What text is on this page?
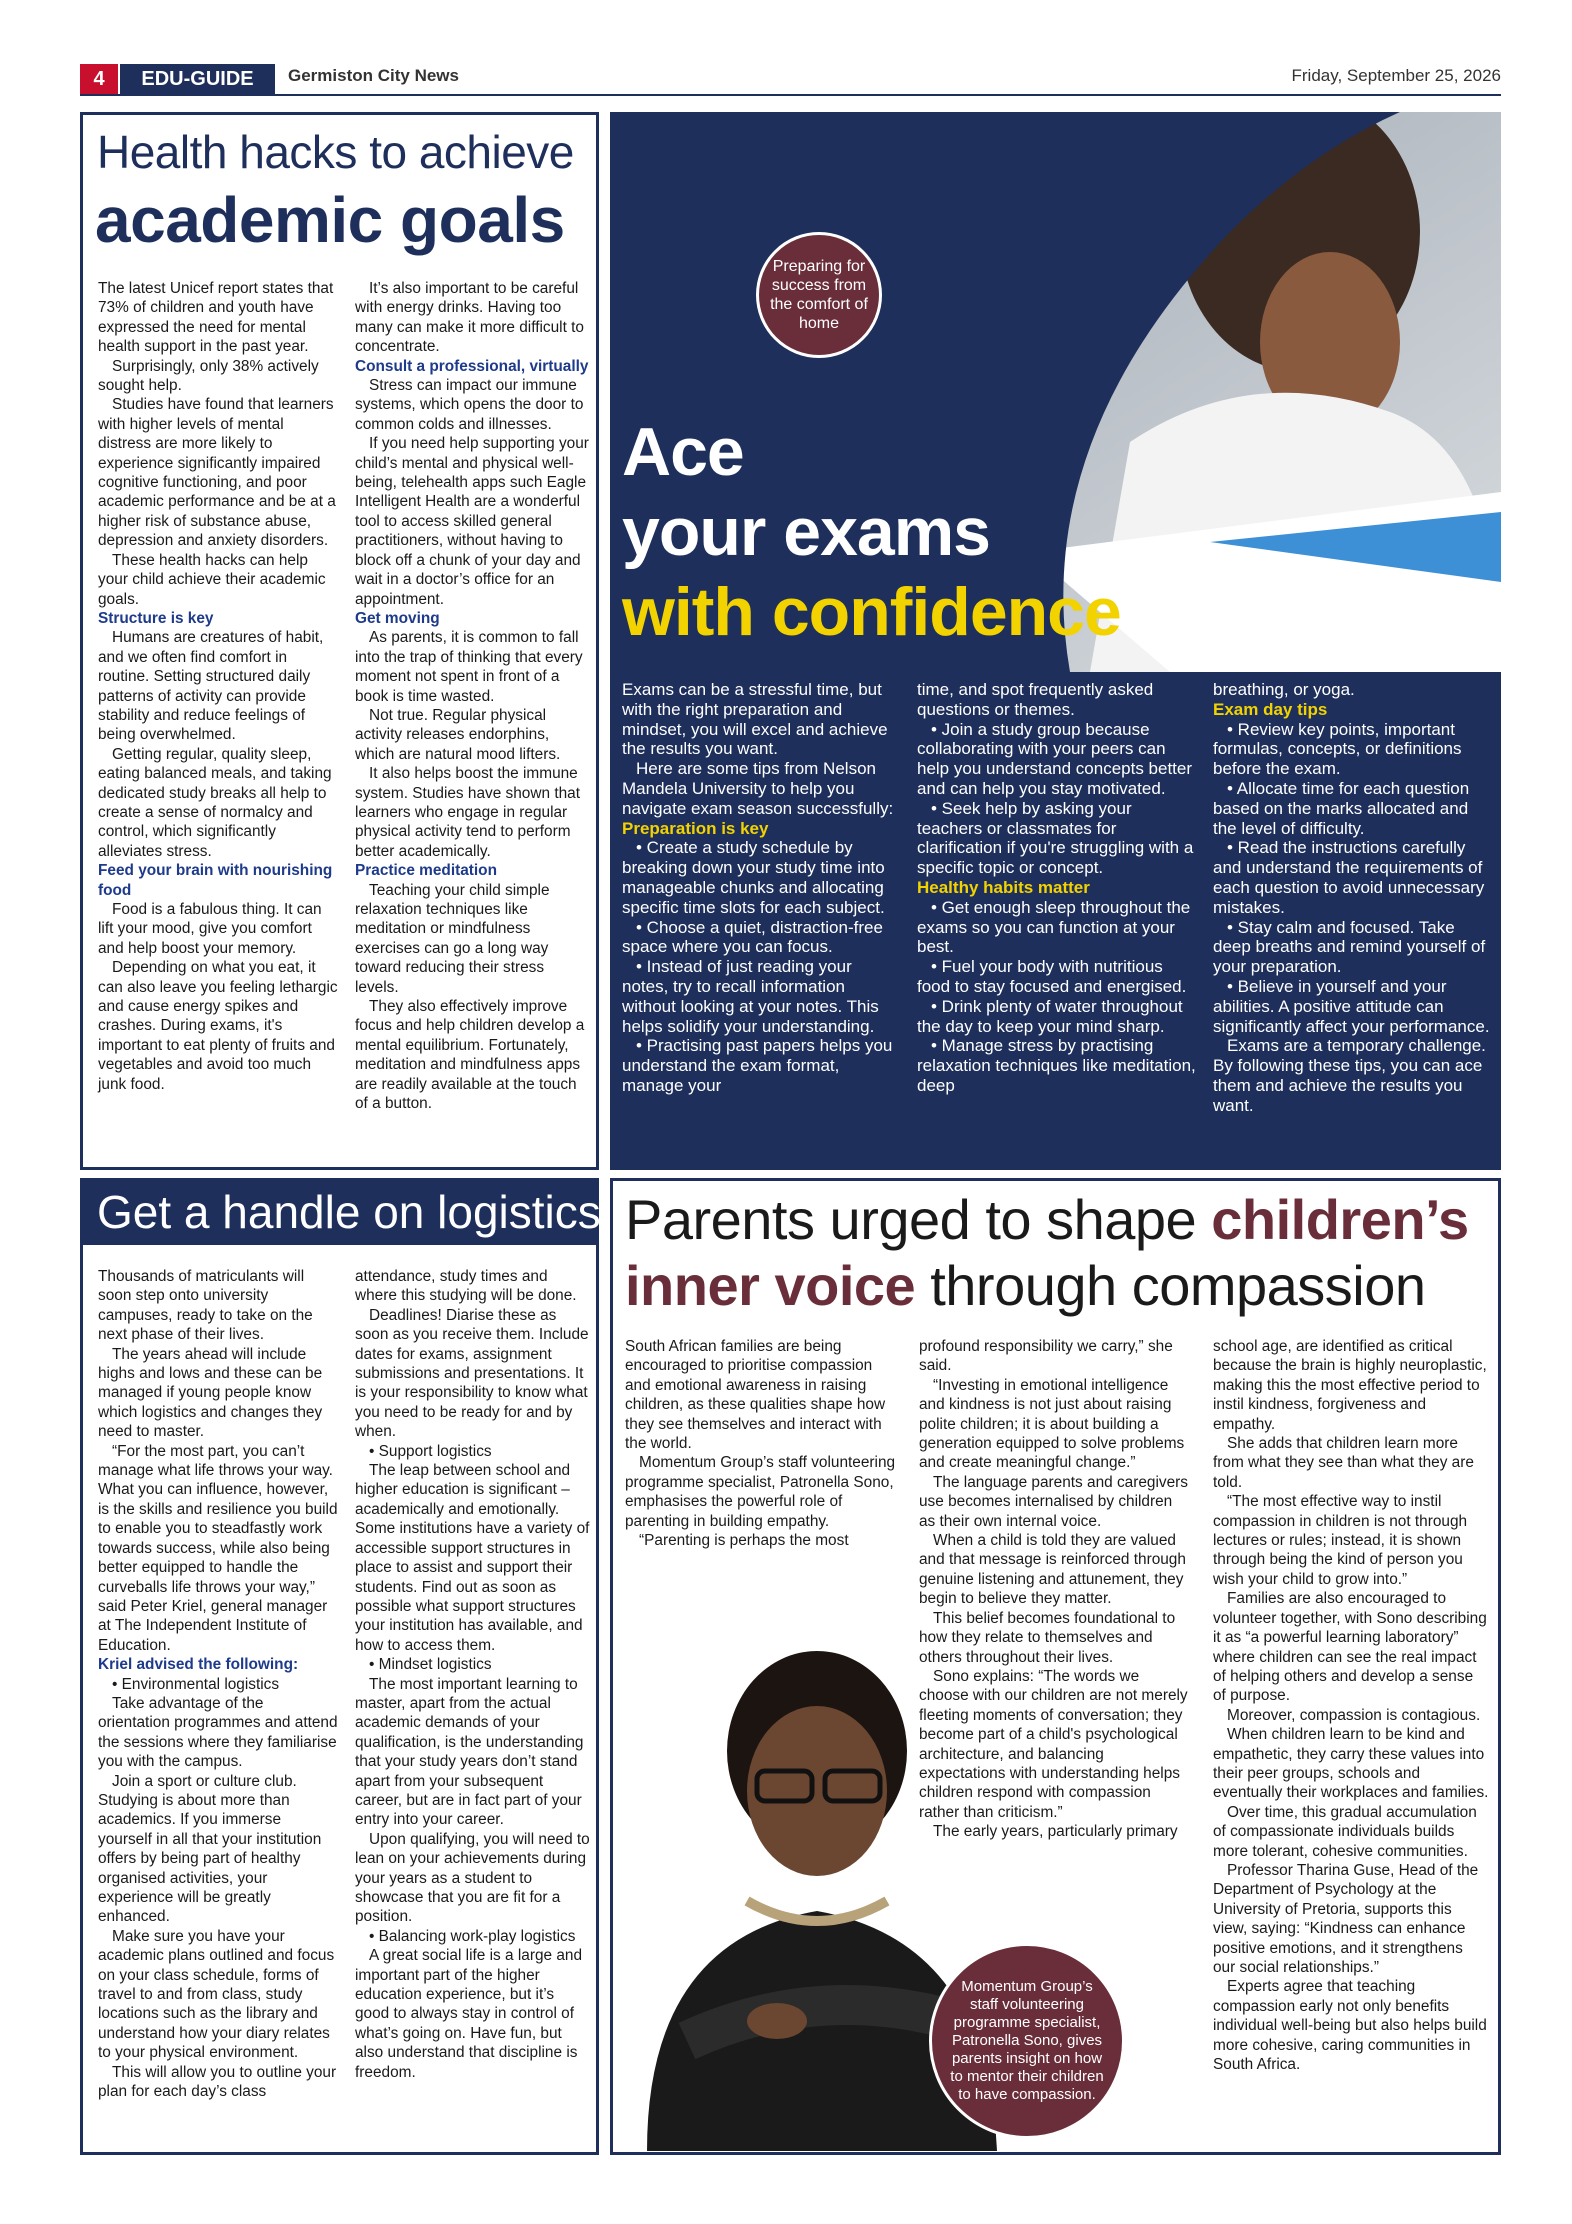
4	EDU-GUIDE	Germiston City News	Friday, September 25, 2026
Health hacks to achieve
academic goals

The latest Unicef report states that 73% of children and youth have expressed the need for mental health support in the past year.

Surprisingly, only 38% actively sought help.

Studies have found that learners with higher levels of mental distress are more likely to experience significantly impaired cognitive functioning, and poor academic performance and be at a higher risk of substance abuse, depression and anxiety disorders.

These health hacks can help your child achieve their academic goals.

Structure is key

Humans are creatures of habit, and we often find comfort in routine. Setting structured daily patterns of activity can provide stability and reduce feelings of being overwhelmed.

Getting regular, quality sleep, eating balanced meals, and taking dedicated study breaks all help to create a sense of normalcy and control, which significantly alleviates stress.

Feed your brain with nourishing food

Food is a fabulous thing. It can lift your mood, give you comfort and help boost your memory.

Depending on what you eat, it can also leave you feeling lethargic and cause energy spikes and crashes. During exams, it's important to eat plenty of fruits and vegetables and avoid too much junk food.

It’s also important to be careful with energy drinks. Having too many can make it more difficult to concentrate.

Consult a professional, virtually

Stress can impact our immune systems, which opens the door to common colds and illnesses.

If you need help supporting your child’s mental and physical well-being, telehealth apps such Eagle Intelligent Health are a wonderful tool to access skilled general practitioners, without having to block off a chunk of your day and wait in a doctor’s office for an appointment.

Get moving

As parents, it is common to fall into the trap of thinking that every moment not spent in front of a book is time wasted.

Not true. Regular physical activity releases endorphins, which are natural mood lifters.

It also helps boost the immune system. Studies have shown that learners who engage in regular physical activity tend to perform better academically.

Practice meditation

Teaching your child simple relaxation techniques like meditation or mindfulness exercises can go a long way toward reducing their stress levels.

They also effectively improve focus and help children develop a mental equilibrium. Fortunately, meditation and mindfulness apps are readily available at the touch of a button.

Preparing for success from the comfort of home
Ace
your exams
with confidence

Exams can be a stressful time, but with the right preparation and mindset, you will excel and achieve the results you want.

Here are some tips from Nelson Mandela University to help you navigate exam season successfully:

Preparation is key

• Create a study schedule by breaking down your study time into manageable chunks and allocating specific time slots for each subject.

• Choose a quiet, distraction-free space where you can focus.

• Instead of just reading your notes, try to recall information without looking at your notes. This helps solidify your understanding.

• Practising past papers helps you understand the exam format, manage your

time, and spot frequently asked questions or themes.

• Join a study group because collaborating with your peers can help you understand concepts better and can help you stay motivated.

• Seek help by asking your teachers or classmates for clarification if you're struggling with a specific topic or concept.

Healthy habits matter

• Get enough sleep throughout the exams so you can function at your best.

• Fuel your body with nutritious food to stay focused and energised.

• Drink plenty of water throughout the day to keep your mind sharp.

• Manage stress by practising relaxation techniques like meditation, deep

breathing, or yoga.

Exam day tips

• Review key points, important formulas, concepts, or definitions before the exam.

• Allocate time for each question based on the marks allocated and the level of difficulty.

• Read the instructions carefully and understand the requirements of each question to avoid unnecessary mistakes.

• Stay calm and focused. Take deep breaths and remind yourself of your preparation.

• Believe in yourself and your abilities. A positive attitude can significantly affect your performance.

Exams are a temporary challenge. By following these tips, you can ace them and achieve the results you want.

Get a handle on logistics

Thousands of matriculants will soon step onto university campuses, ready to take on the next phase of their lives.

The years ahead will include highs and lows and these can be managed if young people know which logistics and changes they need to master.

“For the most part, you can’t manage what life throws your way. What you can influence, however, is the skills and resilience you build to enable you to steadfastly work towards success, while also being better equipped to handle the curveballs life throws your way,” said Peter Kriel, general manager at The Independent Institute of Education.

Kriel advised the following:

• Environmental logistics

Take advantage of the orientation programmes and attend the sessions where they familiarise you with the campus.

Join a sport or culture club. Studying is about more than academics. If you immerse yourself in all that your institution offers by being part of healthy organised activities, your experience will be greatly enhanced.

Make sure you have your academic plans outlined and focus on your class schedule, forms of travel to and from class, study locations such as the library and understand how your diary relates to your physical environment.

This will allow you to outline your plan for each day’s class

attendance, study times and where this studying will be done.

Deadlines! Diarise these as soon as you receive them. Include dates for exams, assignment submissions and presentations. It is your responsibility to know what you need to be ready for and by when.

• Support logistics

The leap between school and higher education is significant – academically and emotionally. Some institutions have a variety of accessible support structures in place to assist and support their students. Find out as soon as possible what support structures your institution has available, and how to access them.

• Mindset logistics

The most important learning to master, apart from the actual academic demands of your qualification, is the understanding that your study years don’t stand apart from your subsequent career, but are in fact part of your entry into your career.

Upon qualifying, you will need to lean on your achievements during your years as a student to showcase that you are fit for a position.

• Balancing work-play logistics

A great social life is a large and important part of the higher education experience, but it’s good to always stay in control of what’s going on. Have fun, but also understand that discipline is freedom.

Parents urged to shape children’s
inner voice through compassion

South African families are being encouraged to prioritise compassion and emotional awareness in raising children, as these qualities shape how they see themselves and interact with the world.

Momentum Group’s staff volunteering programme specialist, Patronella Sono, emphasises the powerful role of parenting in building empathy.

“Parenting is perhaps the most

profound responsibility we carry,” she said.

“Investing in emotional intelligence and kindness is not just about raising polite children; it is about building a generation equipped to solve problems and create meaningful change.”

The language parents and caregivers use becomes internalised by children as their own internal voice.

When a child is told they are valued and that message is reinforced through genuine listening and attunement, they begin to believe they matter.

This belief becomes foundational to how they relate to themselves and others throughout their lives.

Sono explains: “The words we choose with our children are not merely fleeting moments of conversation; they become part of a child's psychological architecture, and balancing expectations with understanding helps children respond with compassion rather than criticism.”

The early years, particularly primary

school age, are identified as critical because the brain is highly neuroplastic, making this the most effective period to instil kindness, forgiveness and empathy.

She adds that children learn more from what they see than what they are told.

“The most effective way to instil compassion in children is not through lectures or rules; instead, it is shown through being the kind of person you wish your child to grow into.”

Families are also encouraged to volunteer together, with Sono describing it as “a powerful learning laboratory” where children can see the real impact of helping others and develop a sense of purpose.

Moreover, compassion is contagious.

When children learn to be kind and empathetic, they carry these values into their peer groups, schools and eventually their workplaces and families.

Over time, this gradual accumulation of compassionate individuals builds more tolerant, cohesive communities.

Professor Tharina Guse, Head of the Department of Psychology at the University of Pretoria, supports this view, saying: “Kindness can enhance positive emotions, and it strengthens our social relationships.”

Experts agree that teaching compassion early not only benefits individual well-being but also helps build more cohesive, caring communities in South Africa.

Momentum Group’s staff volunteering programme specialist, Patronella Sono, gives parents insight on how to mentor their children to have compassion.
